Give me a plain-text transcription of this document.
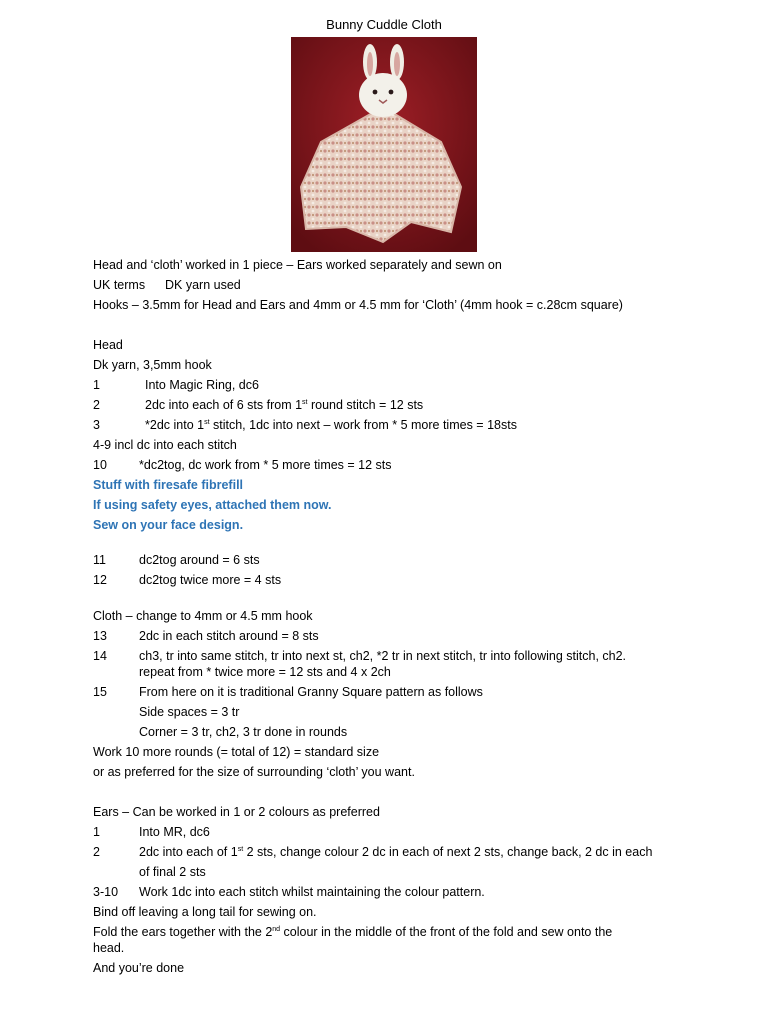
Bunny Cuddle Cloth
Head and ‘cloth’ worked in 1 piece – Ears worked separately and sewn on
UK terms DK yarn used
Hooks – 3.5mm for Head and Ears and 4mm or 4.5 mm for ‘Cloth’ (4mm hook = c.28cm square)
Head
Dk yarn, 3,5mm hook
1	Into Magic Ring, dc6
2	2dc into each of 6 sts from 1st round stitch = 12 sts
3	*2dc into 1st stitch, 1dc into next – work from * 5 more times = 18sts
4-9 incl dc into each stitch
10	*dc2tog, dc work from * 5 more times = 12 sts
Stuff with firesafe fibrefill
If using safety eyes, attached them now.
Sew on your face design.
11	dc2tog around = 6 sts
12	dc2tog twice more = 4 sts
Cloth – change to 4mm or 4.5 mm hook
13	2dc in each stitch around = 8 sts
14	ch3, tr into same stitch, tr into next st, ch2, *2 tr in next stitch, tr into following stitch, ch2.
repeat from * twice more = 12 sts and 4 x 2ch
15	From here on it is traditional Granny Square pattern as follows
Side spaces = 3 tr
Corner = 3 tr, ch2, 3 tr done in rounds
Work 10 more rounds (= total of 12) = standard size
or as preferred for the size of surrounding ‘cloth’ you want.
Ears – Can be worked in 1 or 2 colours as preferred
1	Into MR, dc6
2	2dc into each of 1st 2 sts, change colour 2 dc in each of next 2 sts, change back, 2 dc in each
of final 2 sts
3-10 Work 1dc into each stitch whilst maintaining the colour pattern.
Bind off leaving a long tail for sewing on.
Fold the ears together with the 2nd colour in the middle of the front of the fold and sew onto the
head.
And you’re done
